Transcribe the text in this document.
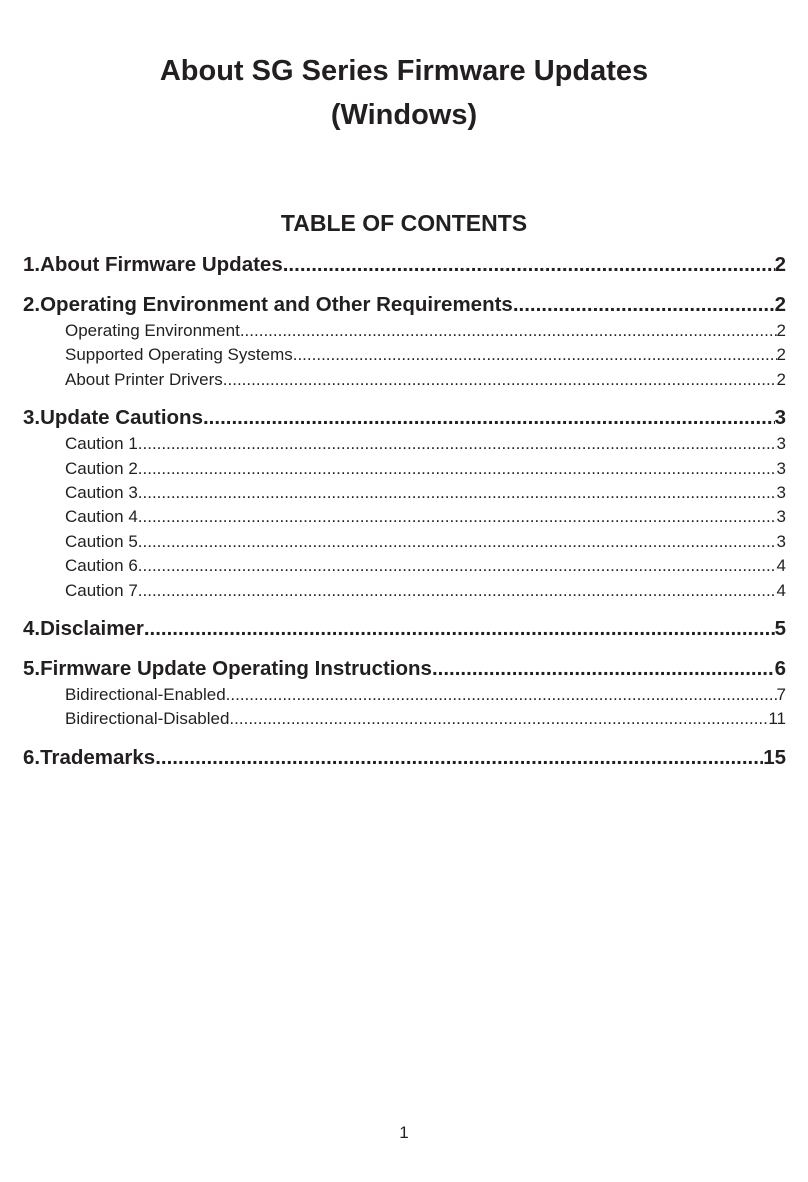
About SG Series Firmware Updates
(Windows)
TABLE OF CONTENTS
1. About Firmware Updates .....	2
2. Operating Environment and Other Requirements .....	2
Operating Environment .....	2
Supported Operating Systems .....	2
About Printer Drivers .....	2
3. Update Cautions .....	3
Caution 1. .....	3
Caution 2. .....	3
Caution 3. .....	3
Caution 4. .....	3
Caution 5. .....	3
Caution 6. .....	4
Caution 7. .....	4
4. Disclaimer .....	5
5. Firmware Update Operating Instructions .....	6
Bidirectional-Enabled .....	7
Bidirectional-Disabled .....	11
6. Trademarks .....	15
1
